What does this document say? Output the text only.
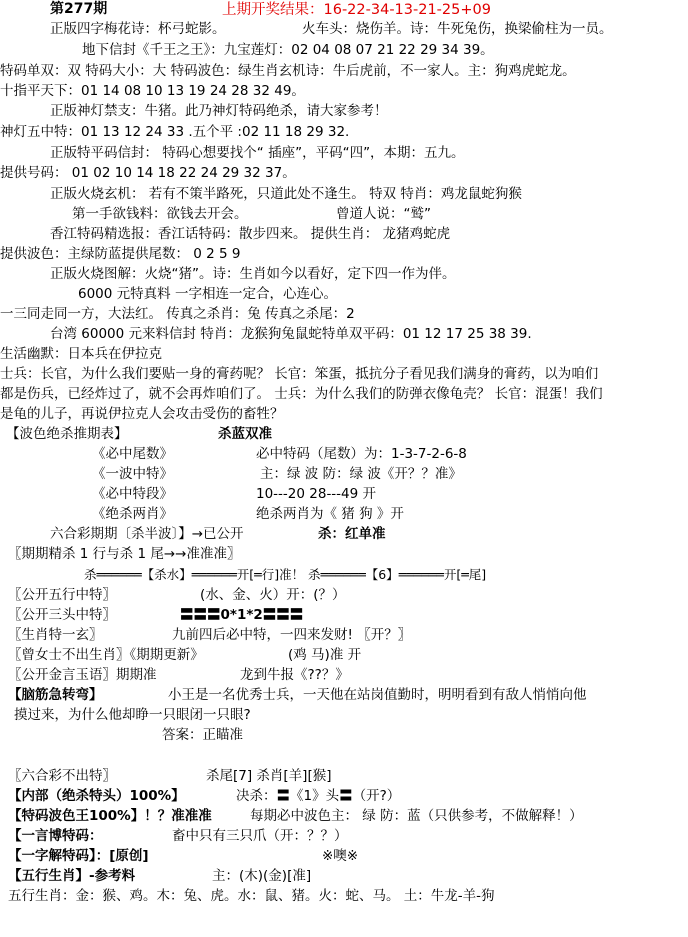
第277期	上期开奖结果：16-22-34-13-21-25+09
正版四字梅花诗：杯弓蛇影。	火车头：烧伤羊。诗：牛死兔伤，换梁偷柱为一员。
地下信封《千王之王》：九宝莲灯：02 04 08 07 21 22 29 34 39。
特码单双：双 特码大小：大 特码波色：绿生肖玄机诗：牛后虎前，不一家人。主：狗鸡虎蛇龙。
十指平天下：01 14 08 10 13 19 24 28 32 49。
正版神灯禁支：牛猪。此乃神灯特码绝杀，请大家参考！
神灯五中特：01 13 12 24 33 .五个平 :02 11 18 29 32.
正版特平码信封： 特码心想要找个“ 插座”，平码“四”，本期：五九。
提供号码： 01 02 10 14 18 22 24 29 32 37。
正版火烧玄机： 若有不策半路死，只道此处不逢生。 特双 特肖：鸡龙鼠蛇狗猴
第一手欲钱料：欲钱去开会。	曾道人说：“鹫”
香江特码精选报：香江话特码：散步四来。 提供生肖： 龙猪鸡蛇虎
提供波色：主绿防蓝提供尾数： 0 2 5 9
正版火烧图解：火烧“猪”。诗：生肖如今以看好，定下四一作为伴。
6000 元特真料 一字相连一定合，心连心。
一三同走同一方，大法红。 传真之杀肖：兔 传真之杀尾：2
台湾 60000 元来料信封 特肖：龙猴狗兔鼠蛇特单双平码：01 12 17 25 38 39.
生活幽默：日本兵在伊拉克
士兵：长官，为什么我们要贴一身的膏药呢？ 长官：笨蛋，抵抗分子看见我们满身的膏药，以为咱们
都是伤兵，已经炸过了，就不会再炸咱们了。 士兵：为什么我们的防弹衣像龟壳？ 长官：混蛋！我们
是龟的儿子，再说伊拉克人会攻击受伤的畜牲？
【波色绝杀推期表】	杀蓝双准
《必中尾数》	必中特码（尾数）为：1-3-7-2-6-8
《一波中特》	主：绿 波 防：绿 波《开？？准》
《必中特段》	10---20 28---49 开
《绝杀两肖》	绝杀两肖为《 猪 狗 》开
六合彩期期〔杀半波〕】→已公开	杀：红单准
〖期期精杀 1 行与杀 1 尾→→准准准〗
杀══════【杀水】══════开[═行]准！ 杀══════【6】══════开[═尾]
〖公开五行中特〗	(水、金、火）开：(？）
〖公开三头中特〗	〓〓〓0*1*2〓〓〓
〖生肖特一玄〗	九前四后必中特，一四来发财! 〖开？〗
〖曾女士不出生肖〗《期期更新》	(鸡 马)准 开
〖公开金言玉语〗期期准	龙到牛报《??？》
【脑筋急转弯】	小王是一名优秀士兵，一天他在站岗值勤时，明明看到有敌人悄悄向他
摸过来，为什么他却睁一只眼闭一只眼?
答案：正瞄准
〖六合彩不出特〗	杀尾[7] 杀肖[羊][猴]
【内部（绝杀特头）100%】	决杀：〓《1》头〓（开?）
【特码波色王100%】！？准准准	每期必中波色主： 绿 防：蓝（只供参考，不做解释！）
【一言博特码：	畜中只有三只爪（开：？？）
【一字解特码】：[原创]	※噢※
【五行生肖】-参考料	主：(木)(金)[准]
五行生肖：金：猴、鸡。木：兔、虎。水：鼠、猪。火：蛇、马。 土：牛龙-羊-狗
